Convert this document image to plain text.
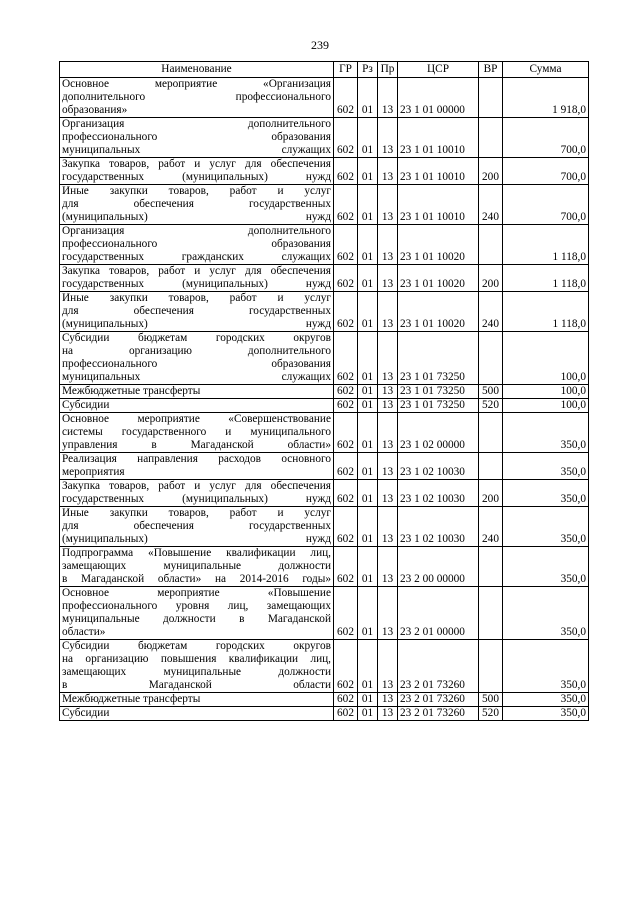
239
Наименование	ГР	Рз	Пр	ЦСР	ВР	Сумма

Основное мероприятие «Организация
дополнительного профессионального
образования»	602	01	13	23 1 01 00000		1 918,0

Организация дополнительного
профессионального образования
муниципальных служащих	602	01	13	23 1 01 10010		700,0

Закупка товаров, работ и услуг для обеспечения
государственных (муниципальных) нужд	602	01	13	23 1 01 10010	200	700,0

Иные закупки товаров, работ и услуг
для обеспечения государственных
(муниципальных) нужд	602	01	13	23 1 01 10010	240	700,0

Организация дополнительного
профессионального образования
государственных гражданских служащих	602	01	13	23 1 01 10020		1 118,0

Закупка товаров, работ и услуг для обеспечения
государственных (муниципальных) нужд	602	01	13	23 1 01 10020	200	1 118,0

Иные закупки товаров, работ и услуг
для обеспечения государственных
(муниципальных) нужд	602	01	13	23 1 01 10020	240	1 118,0

Субсидии бюджетам городских округов
на организацию дополнительного
профессионального образования
муниципальных служащих	602	01	13	23 1 01 73250		100,0

Межбюджетные трансферты	602	01	13	23 1 01 73250	500	100,0

Субсидии	602	01	13	23 1 01 73250	520	100,0

Основное мероприятие «Совершенствование
системы государственного и муниципального
управления в Магаданской области»	602	01	13	23 1 02 00000		350,0

Реализация направления расходов основного
мероприятия	602	01	13	23 1 02 10030		350,0

Закупка товаров, работ и услуг для обеспечения
государственных (муниципальных) нужд	602	01	13	23 1 02 10030	200	350,0

Иные закупки товаров, работ и услуг
для обеспечения государственных
(муниципальных) нужд	602	01	13	23 1 02 10030	240	350,0

Подпрограмма «Повышение квалификации лиц,
замещающих муниципальные должности
в Магаданской области» на 2014-2016 годы»	602	01	13	23 2 00 00000		350,0

Основное мероприятие «Повышение
профессионального уровня лиц, замещающих
муниципальные должности в Магаданской
области»	602	01	13	23 2 01 00000		350,0

Субсидии бюджетам городских округов
на организацию повышения квалификации лиц,
замещающих муниципальные должности
в Магаданской области	602	01	13	23 2 01 73260		350,0

Межбюджетные трансферты	602	01	13	23 2 01 73260	500	350,0

Субсидии	602	01	13	23 2 01 73260	520	350,0
